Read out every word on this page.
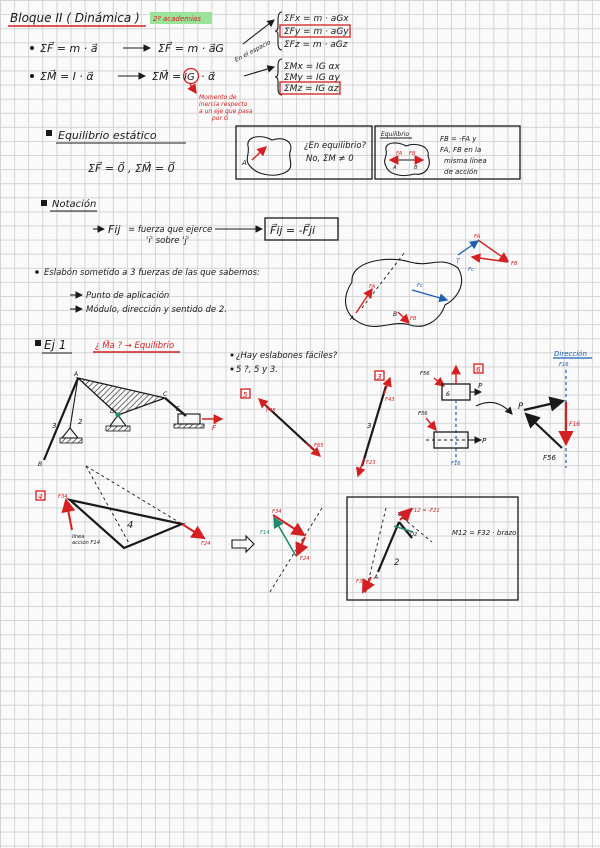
Bloque II ( Dinámica ) 2º academias
ΣF⃗ = m · a⃗	ΣF⃗ = m · a⃗G En el espacio
ΣFx = m · aGx
ΣFy = m · aGy
ΣFz = m · aGz
ΣM⃗ = I · α⃗	ΣM⃗ = IG · α⃗
Momento de
inercia respecto
a un eje que pasa
por G
ΣMx = IG αx
ΣMy = IG αy
ΣMz = IG αz
Equilibrio estático
ΣF⃗ = 0⃗ , ΣM⃗ = 0⃗	A
F1
¿En equilibrio?
No, ΣM ≠ 0
Equilibrio
A	B
FA FB
FB = -FA y
FA, FB en la
misma línea
de acción
Notación
Fij = fuerza que ejerce
'i' sobre 'j'
F⃗ij = -F⃗ji	FA
FB
T
Fc
A
FA
B
FB
Fc
Eslabón sometido a 3 fuerzas de las que sabemos:
Punto de aplicación
Módulo, dirección y sentido de 2.
Ej 1	¿ M⃗a ? → Equilibrio
¿Hay eslabones fáciles?
5 ?, 5 y 3.
A
B
C
D	E
3	2
F⃗
5
F45
F65
3
F43
3
F23
6
F56
6
P
F56
P
F16
Dirección
F16
P
F16
F56
4	F34
F24
4
línea
acción F14
F34
F24
F14
F12 = -F21
D2
2
A
F32
M12 = F32 · brazo
